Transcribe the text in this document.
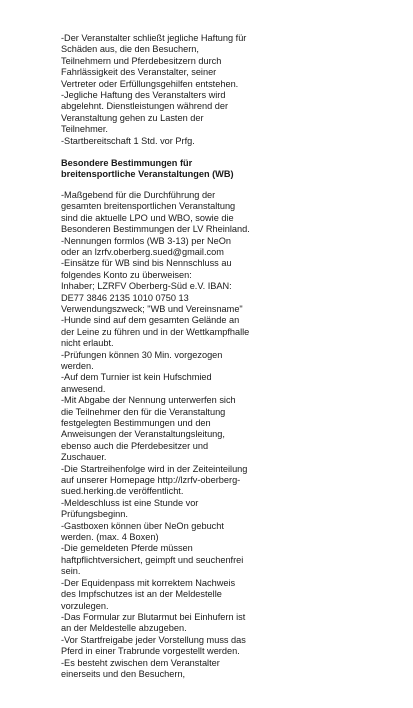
-Der Veranstalter schließt jegliche Haftung für

Schäden aus, die den Besuchern,

Teilnehmern und Pferdebesitzern durch

Fahrlässigkeit des Veranstalter, seiner

Vertreter oder Erfüllungsgehilfen entstehen.

-Jegliche Haftung des Veranstalters wird

abgelehnt. Dienstleistungen während der

Veranstaltung gehen zu Lasten der

Teilnehmer.

-Startbereitschaft 1 Std. vor Prfg.

Besondere Bestimmungen für

breitensportliche Veranstaltungen (WB)

-Maßgebend für die Durchführung der

gesamten breitensportlichen Veranstaltung

sind die aktuelle LPO und WBO, sowie die

Besonderen Bestimmungen der LV Rheinland.

-Nennungen formlos (WB 3-13) per NeOn

oder an lzrfv.oberberg.sued@gmail.com

-Einsätze für WB sind bis Nennschluss au

folgendes Konto zu überweisen:

Inhaber; LZRFV Oberberg-Süd e.V. IBAN:

DE77 3846 2135 1010 0750 13

Verwendungszweck; "WB und Vereinsname"

-Hunde sind auf dem gesamten Gelände an

der Leine zu führen und in der Wettkampfhalle

nicht erlaubt.

-Prüfungen können 30 Min. vorgezogen

werden.

-Auf dem Turnier ist kein Hufschmied

anwesend.

-Mit Abgabe der Nennung unterwerfen sich

die Teilnehmer den für die Veranstaltung

festgelegten Bestimmungen und den

Anweisungen der Veranstaltungsleitung,

ebenso auch die Pferdebesitzer und

Zuschauer.

-Die Startreihenfolge wird in der Zeiteinteilung

auf unserer Homepage http://lzrfv-oberberg-

sued.herking.de veröffentlicht.

-Meldeschluss ist eine Stunde vor

Prüfungsbeginn.

-Gastboxen können über NeOn gebucht

werden. (max. 4 Boxen)

-Die gemeldeten Pferde müssen

haftpflichtversichert, geimpft und seuchenfrei

sein.

-Der Equidenpass mit korrektem Nachweis

des Impfschutzes ist an der Meldestelle

vorzulegen.

-Das Formular zur Blutarmut bei Einhufern ist

an der Meldestelle abzugeben.

-Vor Startfreigabe jeder Vorstellung muss das

Pferd in einer Trabrunde vorgestellt werden.

-Es besteht zwischen dem Veranstalter

einerseits und den Besuchern,
